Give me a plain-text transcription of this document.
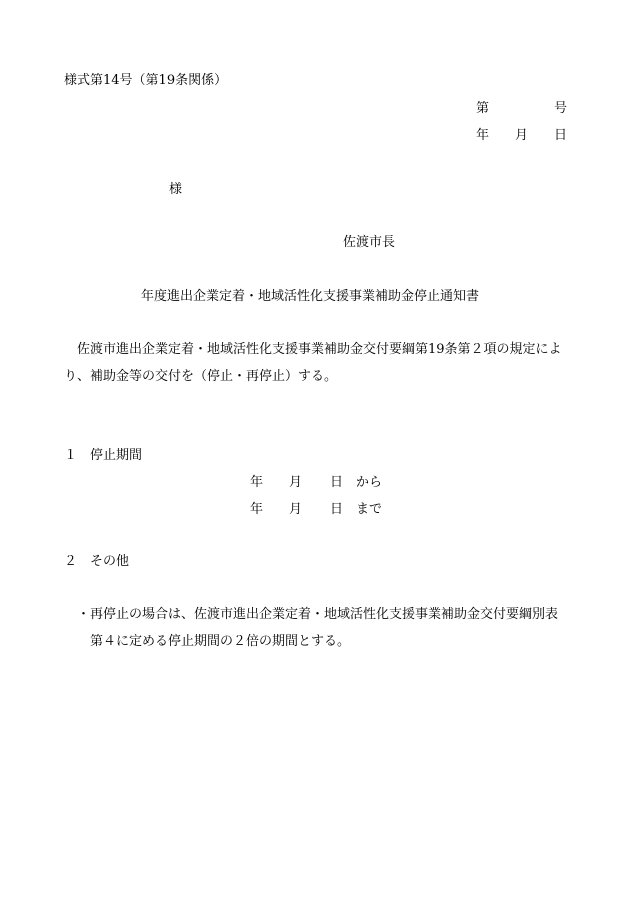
様式第14号（第19条関係）
第	号
年 月 日
様
佐渡市長
年度進出企業定着・地域活性化支援事業補助金停止通知書
佐渡市進出企業定着・地域活性化支援事業補助金交付要綱第19条第２項の規定によ
り、補助金等の交付を（停止・再停止）する。
１　停止期間
年 月 日 から
年 月 日 まで
２　その他
・再停止の場合は、佐渡市進出企業定着・地域活性化支援事業補助金交付要綱別表
第４に定める停止期間の２倍の期間とする。
